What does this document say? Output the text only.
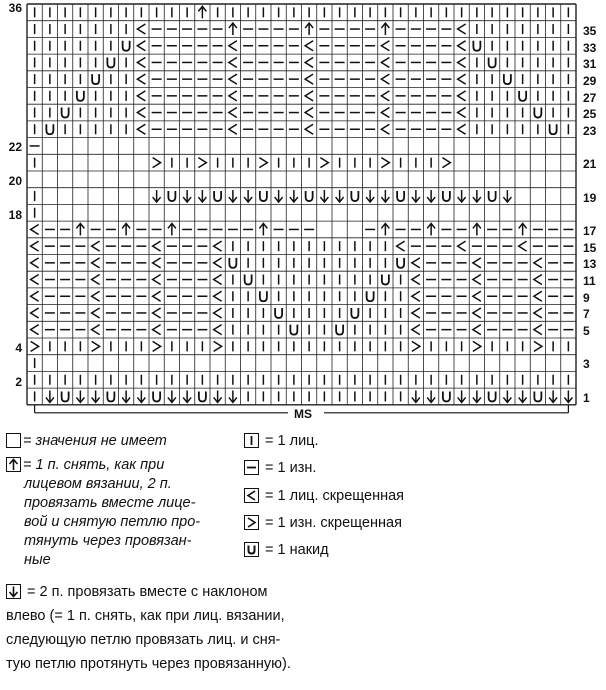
36
22
20
18
4
2
35
33
31
29
27
25
23
21
19
17
15
13
11
9
7
5
3
1
MS
= значения не имеет
= 1 п. снять, как при
лицевом вязании, 2 п.
провязать вместе лице-
вой и снятую петлю про-
тянуть через провязан-
ные
= 1 лиц.
= 1 изн.
= 1 лиц. скрещенная
= 1 изн. скрещенная
= 1 накид
= 2 п. провязать вместе с наклоном
влево (= 1 п. снять, как при лиц. вязании,
следующую петлю провязать лиц. и сня-
тую петлю протянуть через провязанную).
